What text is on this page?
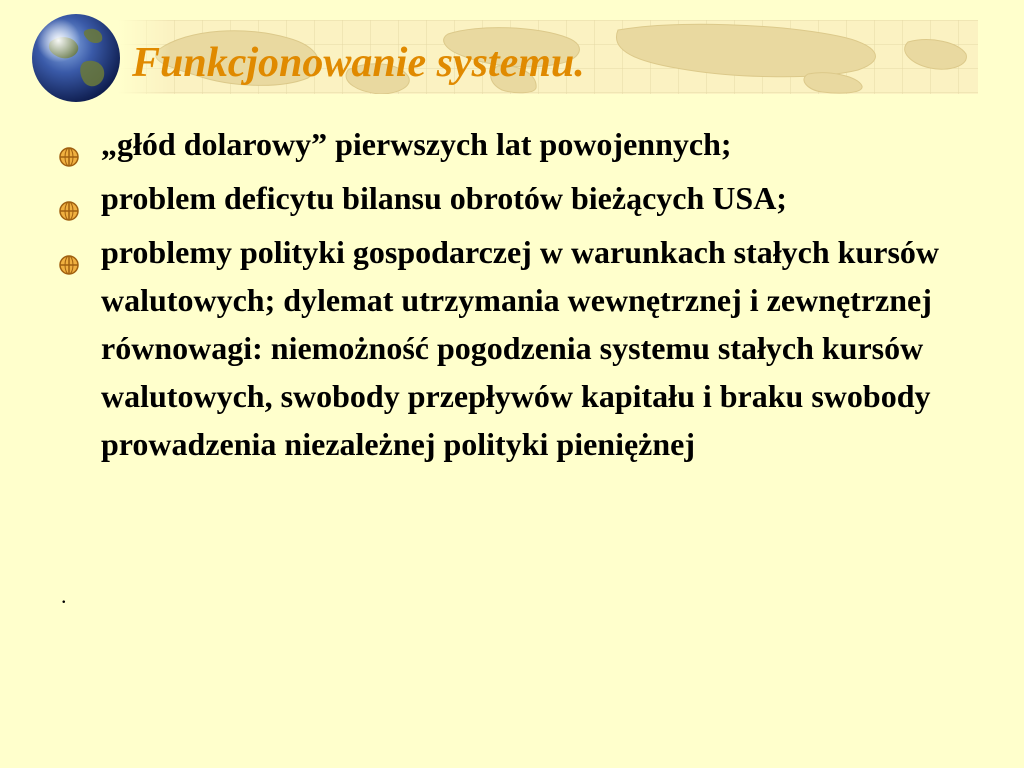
Funkcjonowanie systemu.
„głód dolarowy” pierwszych lat powojennych;
problem deficytu bilansu obrotów bieżących USA;
problemy polityki gospodarczej w warunkach stałych kursów walutowych; dylemat utrzymania wewnętrznej i zewnętrznej równowagi: niemożność pogodzenia systemu stałych kursów walutowych, swobody przepływów kapitału i braku swobody prowadzenia niezależnej polityki pieniężnej
.
